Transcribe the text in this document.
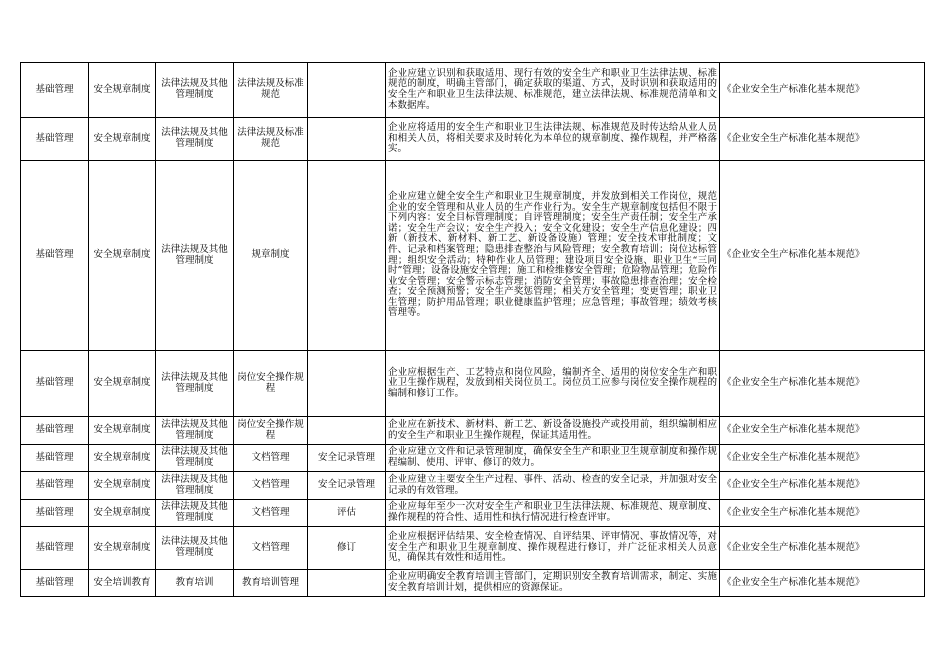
基础管理	安全规章制度	法律法规及其他管理制度	法律法规及标准规范		企业应建立识别和获取适用、现行有效的安全生产和职业卫生法律法规、标准规范的制度，明确主管部门，确定获取的渠道、方式，及时识别和获取适用的安全生产和职业卫生法律法规、标准规范，建立法律法规、标准规范清单和文本数据库。	《企业安全生产标准化基本规范》
基础管理	安全规章制度	法律法规及其他管理制度	法律法规及标准规范		企业应将适用的安全生产和职业卫生法律法规、标准规范及时传达给从业人员和相关人员，将相关要求及时转化为本单位的规章制度、操作规程，并严格落实。	《企业安全生产标准化基本规范》
基础管理	安全规章制度	法律法规及其他管理制度	规章制度		企业应建立健全安全生产和职业卫生规章制度，并发放到相关工作岗位，规范企业的安全管理和从业人员的生产作业行为。安全生产规章制度包括但不限于下列内容：安全目标管理制度；自评管理制度；安全生产责任制；安全生产承诺；安全生产会议；安全生产投入；安全文化建设；安全生产信息化建设；四新（新技术、新材料、新工艺、新设备设施）管理；安全技术审批制度；文件、记录和档案管理；隐患排查整治与风险管理；安全教育培训；岗位达标管理；组织安全活动；特种作业人员管理；建设项目安全设施、职业卫生“三同时”管理；设备设施安全管理；施工和检维修安全管理；危险物品管理；危险作业安全管理；安全警示标志管理；消防安全管理；事故隐患排查治理；安全检查；安全预测预警；安全生产奖惩管理；相关方安全管理；变更管理；职业卫生管理；防护用品管理；职业健康监护管理；应急管理；事故管理；绩效考核管理等。	《企业安全生产标准化基本规范》
基础管理	安全规章制度	法律法规及其他管理制度	岗位安全操作规程		企业应根据生产、工艺特点和岗位风险，编制齐全、适用的岗位安全生产和职业卫生操作规程，发放到相关岗位员工。岗位员工应参与岗位安全操作规程的编制和修订工作。	《企业安全生产标准化基本规范》
基础管理	安全规章制度	法律法规及其他管理制度	岗位安全操作规程		企业应在新技术、新材料、新工艺、新设备设施投产或投用前，组织编制相应的安全生产和职业卫生操作规程，保证其适用性。	《企业安全生产标准化基本规范》
基础管理	安全规章制度	法律法规及其他管理制度	文档管理	安全记录管理	企业应建立文件和记录管理制度，确保安全生产和职业卫生规章制度和操作规程编制、使用、评审、修订的效力。	《企业安全生产标准化基本规范》
基础管理	安全规章制度	法律法规及其他管理制度	文档管理	安全记录管理	企业应建立主要安全生产过程、事件、活动、检查的安全记录，并加强对安全记录的有效管理。	《企业安全生产标准化基本规范》
基础管理	安全规章制度	法律法规及其他管理制度	文档管理	评估	企业应每年至少一次对安全生产和职业卫生法律法规、标准规范、规章制度、操作规程的符合性、适用性和执行情况进行检查评审。	《企业安全生产标准化基本规范》
基础管理	安全规章制度	法律法规及其他管理制度	文档管理	修订	企业应根据评估结果、安全检查情况、自评结果、评审情况、事故情况等，对安全生产和职业卫生规章制度、操作规程进行修订，并广泛征求相关人员意见，确保其有效性和适用性。	《企业安全生产标准化基本规范》
基础管理	安全培训教育	教育培训	教育培训管理		企业应明确安全教育培训主管部门，定期识别安全教育培训需求，制定、实施安全教育培训计划，提供相应的资源保证。	《企业安全生产标准化基本规范》
